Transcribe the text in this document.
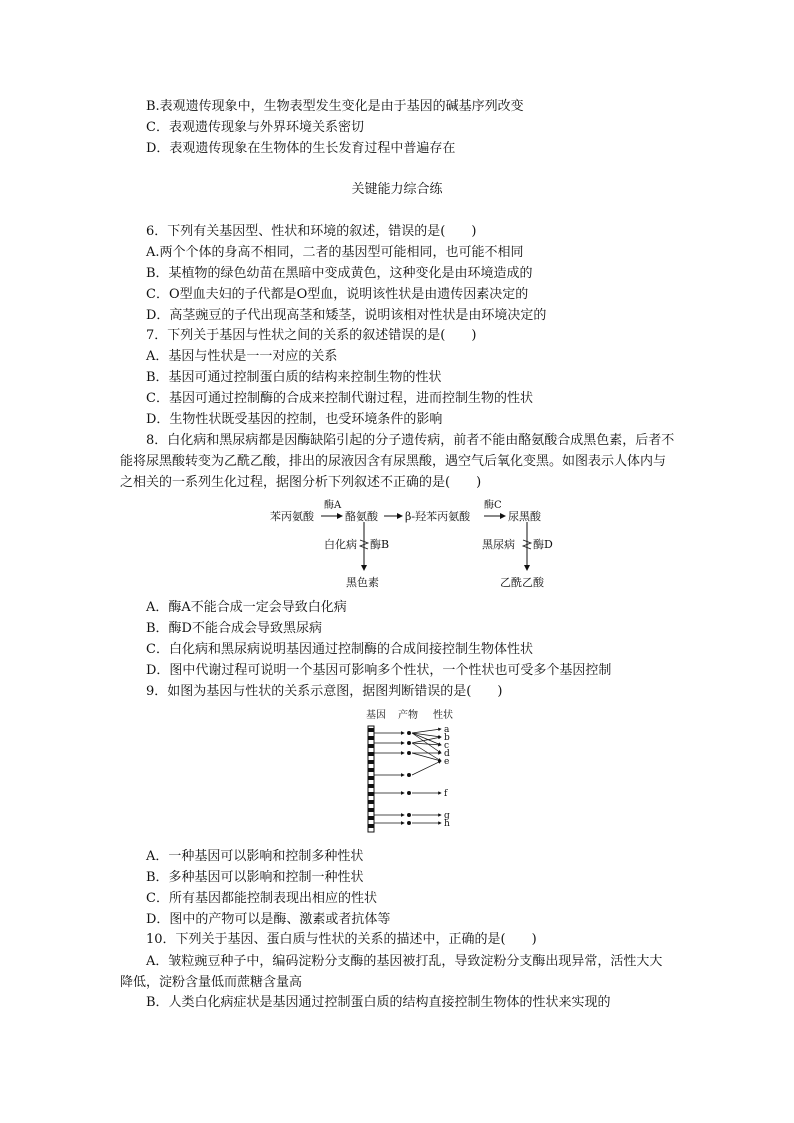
B.表观遗传现象中，生物表型发生变化是由于基因的碱基序列改变
C．表观遗传现象与外界环境关系密切
D．表观遗传现象在生物体的生长发育过程中普遍存在
关键能力综合练
6．下列有关基因型、性状和环境的叙述，错误的是(　　)
A.两个个体的身高不相同，二者的基因型可能相同，也可能不相同
B．某植物的绿色幼苗在黑暗中变成黄色，这种变化是由环境造成的
C．O型血夫妇的子代都是O型血，说明该性状是由遗传因素决定的
D．高茎豌豆的子代出现高茎和矮茎，说明该相对性状是由环境决定的
7．下列关于基因与性状之间的关系的叙述错误的是(　　)
A．基因与性状是一一对应的关系
B．基因可通过控制蛋白质的结构来控制生物的性状
C．基因可通过控制酶的合成来控制代谢过程，进而控制生物的性状
D．生物性状既受基因的控制，也受环境条件的影响
8．白化病和黑尿病都是因酶缺陷引起的分子遗传病，前者不能由酪氨酸合成黑色素，后者不能将尿黑酸转变为乙酰乙酸，排出的尿液因含有尿黑酸，遇空气后氧化变黑。如图表示人体内与之相关的一系列生化过程，据图分析下列叙述不正确的是(　　)
苯丙氨酸
酶A
酪氨酸 β-羟苯丙氨酸
酶C
尿黑酸
白化病 酶B
黑色素
黑尿病 酶D
乙酰乙酸
A．酶A不能合成一定会导致白化病
B．酶D不能合成会导致黑尿病
C．白化病和黑尿病说明基因通过控制酶的合成间接控制生物体性状
D．图中代谢过程可说明一个基因可影响多个性状，一个性状也可受多个基因控制
9．如图为基因与性状的关系示意图，据图判断错误的是(　　)
基因 产物 性状
a
b
c
d
e
f
g
h
A．一种基因可以影响和控制多种性状
B．多种基因可以影响和控制一种性状
C．所有基因都能控制表现出相应的性状
D．图中的产物可以是酶、激素或者抗体等
10．下列关于基因、蛋白质与性状的关系的描述中，正确的是(　　)
A．皱粒豌豆种子中，编码淀粉分支酶的基因被打乱，导致淀粉分支酶出现异常，活性大大降低，淀粉含量低而蔗糖含量高
B．人类白化病症状是基因通过控制蛋白质的结构直接控制生物体的性状来实现的
